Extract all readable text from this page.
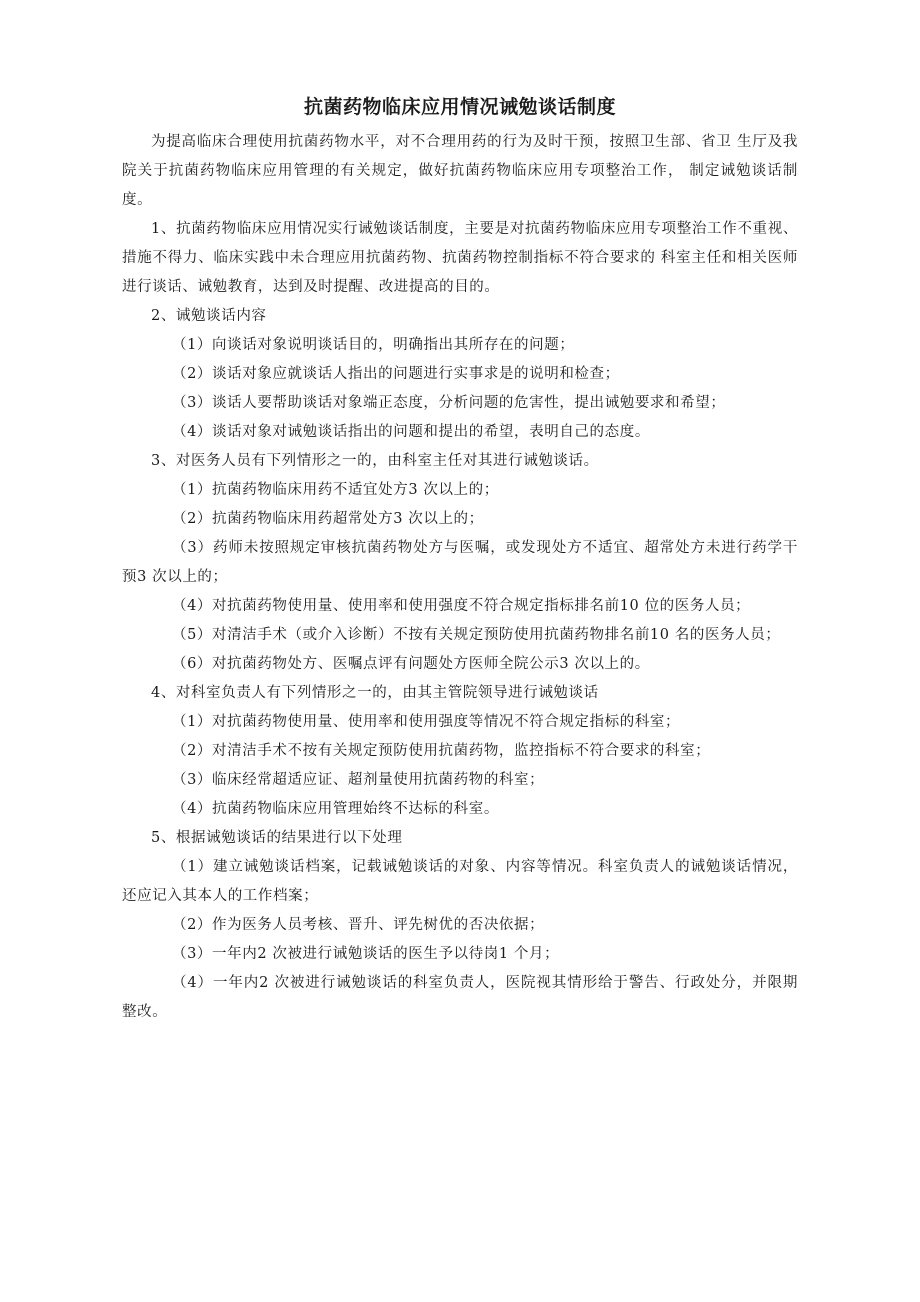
抗菌药物临床应用情况诫勉谈话制度

为提高临床合理使用抗菌药物水平，对不合理用药的行为及时干预，按照卫生部、省卫 生厅及我院关于抗菌药物临床应用管理的有关规定，做好抗菌药物临床应用专项整治工作， 制定诫勉谈话制度。

1、抗菌药物临床应用情况实行诫勉谈话制度，主要是对抗菌药物临床应用专项整治工作不重视、措施不得力、临床实践中未合理应用抗菌药物、抗菌药物控制指标不符合要求的 科室主任和相关医师进行谈话、诫勉教育，达到及时提醒、改进提高的目的。

2、诫勉谈话内容

（1）向谈话对象说明谈话目的，明确指出其所存在的问题；

（2）谈话对象应就谈话人指出的问题进行实事求是的说明和检查；

（3）谈话人要帮助谈话对象端正态度，分析问题的危害性，提出诫勉要求和希望；

（4）谈话对象对诫勉谈话指出的问题和提出的希望，表明自己的态度。

3、对医务人员有下列情形之一的，由科室主任对其进行诫勉谈话。

（1）抗菌药物临床用药不适宜处方3 次以上的；

（2）抗菌药物临床用药超常处方3 次以上的；

（3）药师未按照规定审核抗菌药物处方与医嘱，或发现处方不适宜、超常处方未进行药学干预3 次以上的；

（4）对抗菌药物使用量、使用率和使用强度不符合规定指标排名前10 位的医务人员；

（5）对清洁手术（或介入诊断）不按有关规定预防使用抗菌药物排名前10 名的医务人员；

（6）对抗菌药物处方、医嘱点评有问题处方医师全院公示3 次以上的。

4、对科室负责人有下列情形之一的，由其主管院领导进行诫勉谈话

（1）对抗菌药物使用量、使用率和使用强度等情况不符合规定指标的科室；

（2）对清洁手术不按有关规定预防使用抗菌药物，监控指标不符合要求的科室；

（3）临床经常超适应证、超剂量使用抗菌药物的科室；

（4）抗菌药物临床应用管理始终不达标的科室。

5、根据诫勉谈话的结果进行以下处理

（1）建立诫勉谈话档案，记载诫勉谈话的对象、内容等情况。科室负责人的诫勉谈话情况，还应记入其本人的工作档案；

（2）作为医务人员考核、晋升、评先树优的否决依据；

（3）一年内2 次被进行诫勉谈话的医生予以待岗1 个月；

（4）一年内2 次被进行诫勉谈话的科室负责人，医院视其情形给于警告、行政处分，并限期整改。
